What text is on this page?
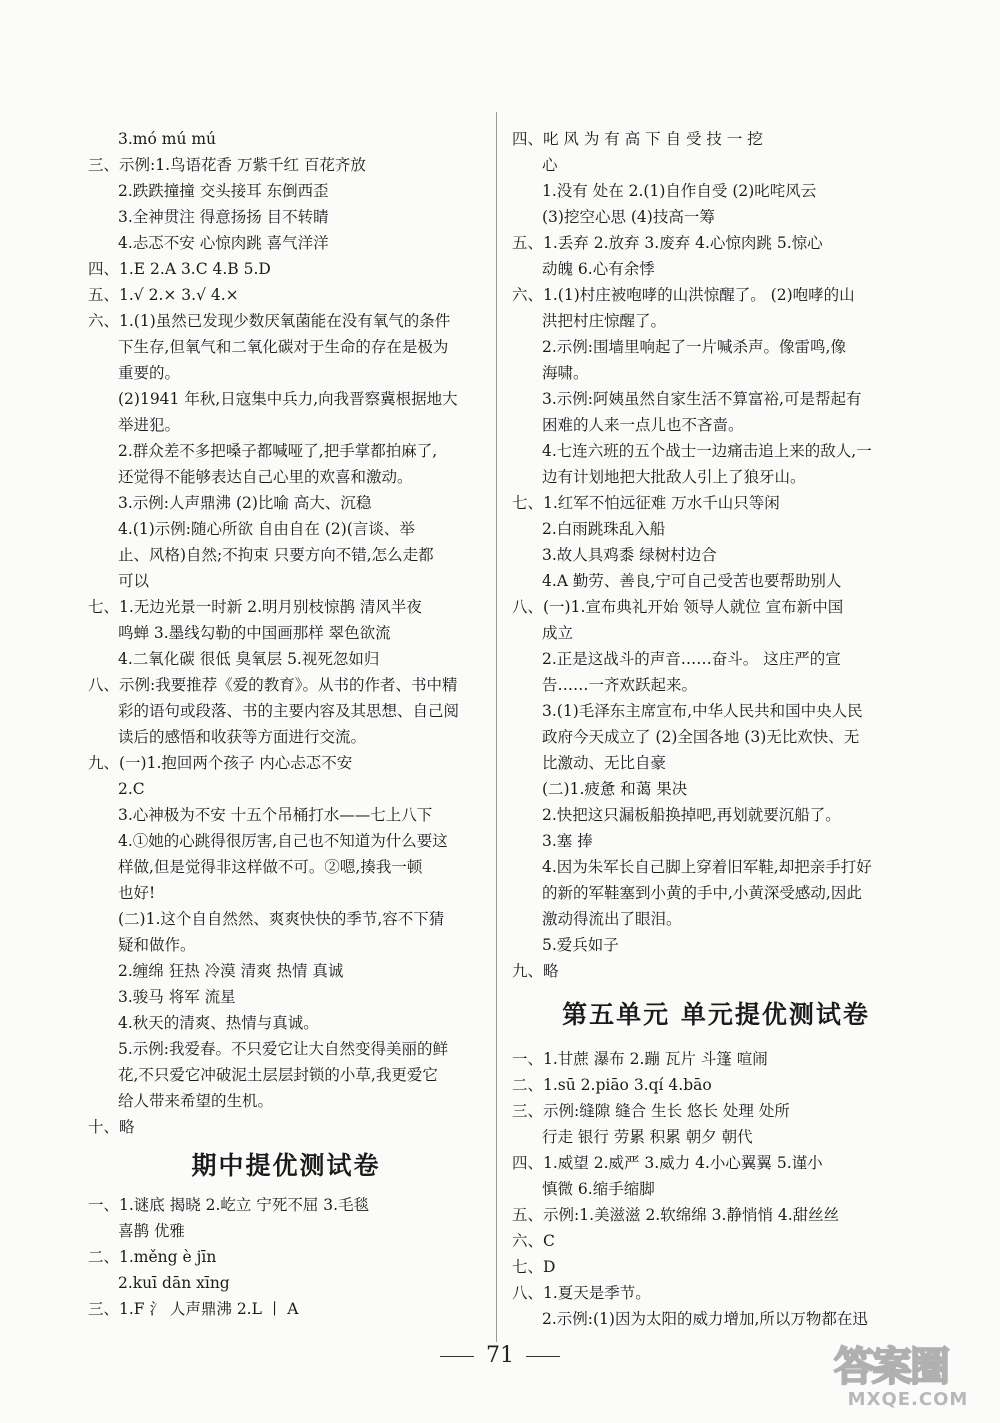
3.mó mú mú
三、示例:1.鸟语花香 万紫千红 百花齐放
2.跌跌撞撞 交头接耳 东倒西歪
3.全神贯注 得意扬扬 目不转睛
4.忐忑不安 心惊肉跳 喜气洋洋
四、1.E 2.A 3.C 4.B 5.D
五、1.√ 2.× 3.√ 4.×
六、1.(1)虽然已发现少数厌氧菌能在没有氧气的条件
下生存,但氧气和二氧化碳对于生命的存在是极为
重要的。
(2)1941 年秋,日寇集中兵力,向我晋察冀根据地大
举进犯。
2.群众差不多把嗓子都喊哑了,把手掌都拍麻了,
还觉得不能够表达自己心里的欢喜和激动。
3.示例:人声鼎沸 (2)比喻 高大、沉稳
4.(1)示例:随心所欲 自由自在 (2)(言谈、举
止、风格)自然;不拘束 只要方向不错,怎么走都
可以
七、1.无边光景一时新 2.明月别枝惊鹊 清风半夜
鸣蝉 3.墨线勾勒的中国画那样 翠色欲流
4.二氧化碳 很低 臭氧层 5.视死忽如归
八、示例:我要推荐《爱的教育》。从书的作者、书中精
彩的语句或段落、书的主要内容及其思想、自己阅
读后的感悟和收获等方面进行交流。
九、(一)1.抱回两个孩子 内心忐忑不安
2.C
3.心神极为不安 十五个吊桶打水——七上八下
4.①她的心跳得很厉害,自己也不知道为什么要这
样做,但是觉得非这样做不可。②嗯,揍我一顿
也好!
(二)1.这个自自然然、爽爽快快的季节,容不下猜
疑和做作。
2.缠绵 狂热 冷漠 清爽 热情 真诚
3.骏马 将军 流星
4.秋天的清爽、热情与真诚。
5.示例:我爱春。不只爱它让大自然变得美丽的鲜
花,不只爱它冲破泥土层层封锁的小草,我更爱它
给人带来希望的生机。
十、略
期中提优测试卷
一、1.谜底 揭晓 2.屹立 宁死不屈 3.毛毯
喜鹊 优雅
二、1.měng è jīn
2.kuī dān xīng
三、1.F 氵 人声鼎沸 2.L 丨 A
四、叱 风 为 有 高 下 自 受 技 一 挖
心
1.没有 处在 2.(1)自作自受 (2)叱咤风云
(3)挖空心思 (4)技高一筹
五、1.丢弃 2.放弃 3.废弃 4.心惊肉跳 5.惊心
动魄 6.心有余悸
六、1.(1)村庄被咆哮的山洪惊醒了。 (2)咆哮的山
洪把村庄惊醒了。
2.示例:围墙里响起了一片喊杀声。像雷鸣,像
海啸。
3.示例:阿姨虽然自家生活不算富裕,可是帮起有
困难的人来一点儿也不吝啬。
4.七连六班的五个战士一边痛击追上来的敌人,一
边有计划地把大批敌人引上了狼牙山。
七、1.红军不怕远征难 万水千山只等闲
2.白雨跳珠乱入船
3.故人具鸡黍 绿树村边合
4.A 勤劳、善良,宁可自己受苦也要帮助别人
八、(一)1.宣布典礼开始 领导人就位 宣布新中国
成立
2.正是这战斗的声音……奋斗。 这庄严的宣
告……一齐欢跃起来。
3.(1)毛泽东主席宣布,中华人民共和国中央人民
政府今天成立了 (2)全国各地 (3)无比欢快、无
比激动、无比自豪
(二)1.疲惫 和蔼 果决
2.快把这只漏板船换掉吧,再划就要沉船了。
3.塞 捧
4.因为朱军长自己脚上穿着旧军鞋,却把亲手打好
的新的军鞋塞到小黄的手中,小黄深受感动,因此
激动得流出了眼泪。
5.爱兵如子
九、略
第五单元 单元提优测试卷
一、1.甘蔗 瀑布 2.蹦 瓦片 斗篷 喧闹
二、1.sū 2.piāo 3.qí 4.bāo
三、示例:缝隙 缝合 生长 悠长 处理 处所
行走 银行 劳累 积累 朝夕 朝代
四、1.威望 2.威严 3.威力 4.小心翼翼 5.谨小
慎微 6.缩手缩脚
五、示例:1.美滋滋 2.软绵绵 3.静悄悄 4.甜丝丝
六、C
七、D
八、1.夏天是季节。
2.示例:(1)因为太阳的威力增加,所以万物都在迅
71	答案圈
MXQE.COM
